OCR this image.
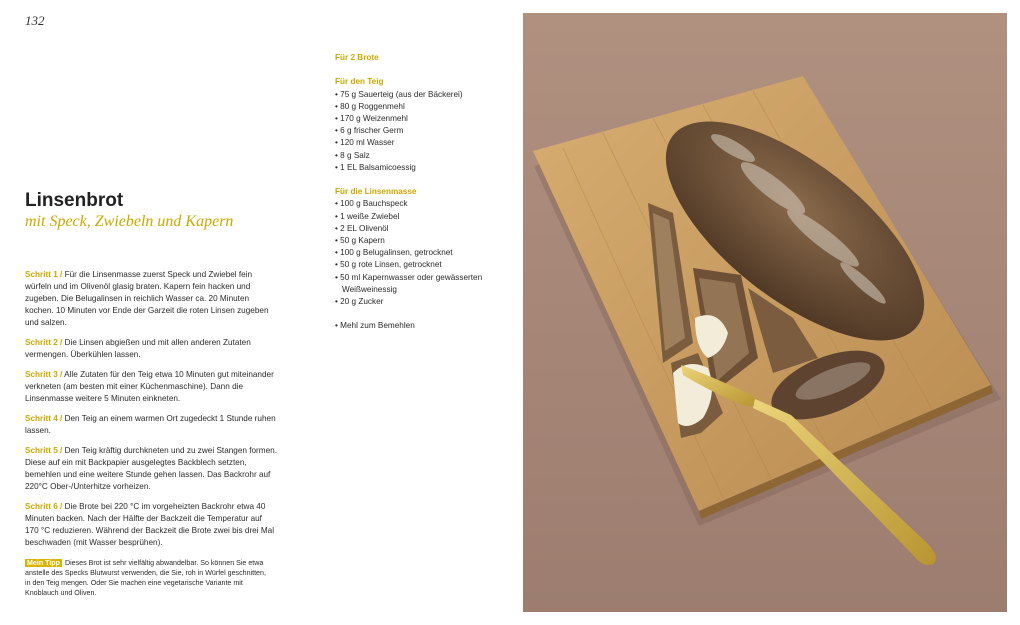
132
Linsenbrot
mit Speck, Zwiebeln und Kapern

Schritt 1 / Für die Linsenmasse zuerst Speck und Zwiebel fein würfeln und im Olivenöl glasig braten. Kapern fein hacken und zugeben. Die Belugalinsen in reichlich Wasser ca. 20 Minuten kochen. 10 Minuten vor Ende der Garzeit die roten Linsen zugeben und salzen.

Schritt 2 / Die Linsen abgießen und mit allen anderen Zutaten vermengen. Überkühlen lassen.

Schritt 3 / Alle Zutaten für den Teig etwa 10 Minuten gut miteinander verkneten (am besten mit einer Küchenmaschine). Dann die Linsenmasse weitere 5 Minuten einkneten.

Schritt 4 / Den Teig an einem warmen Ort zugedeckt 1 Stunde ruhen lassen.

Schritt 5 / Den Teig kräftig durchkneten und zu zwei Stangen formen. Diese auf ein mit Backpapier ausgelegtes Backblech setzten, bemehlen und eine weitere Stunde gehen lassen. Das Backrohr auf 220°C Ober-/Unterhitze vorheizen.

Schritt 6 / Die Brote bei 220 °C im vorgeheizten Backrohr etwa 40 Minuten backen. Nach der Hälfte der Backzeit die Temperatur auf 170 °C reduzieren. Während der Backzeit die Brote zwei bis drei Mal beschwaden (mit Wasser besprühen).

Mein Tipp Dieses Brot ist sehr vielfältig abwandelbar. So können Sie etwa anstelle des Specks Blutwurst verwenden, die Sie, roh in Würfel geschnitten, in den Teig mengen. Oder Sie machen eine vegetarische Variante mit Knoblauch und Oliven.

Für 2 Brote

Für den Teig

• 75 g Sauerteig (aus der Bäckerei)
• 80 g Roggenmehl
• 170 g Weizenmehl
• 6 g frischer Germ
• 120 ml Wasser
• 8 g Salz
• 1 EL Balsamicoessig

Für die Linsenmasse

• 100 g Bauchspeck
• 1 weiße Zwiebel
• 2 EL Olivenöl
• 50 g Kapern
• 100 g Belugalinsen, getrocknet
• 50 g rote Linsen, getrocknet
• 50 ml Kapernwasser oder gewässerten Weißweinessig
• 20 g Zucker
• Mehl zum Bemehlen
